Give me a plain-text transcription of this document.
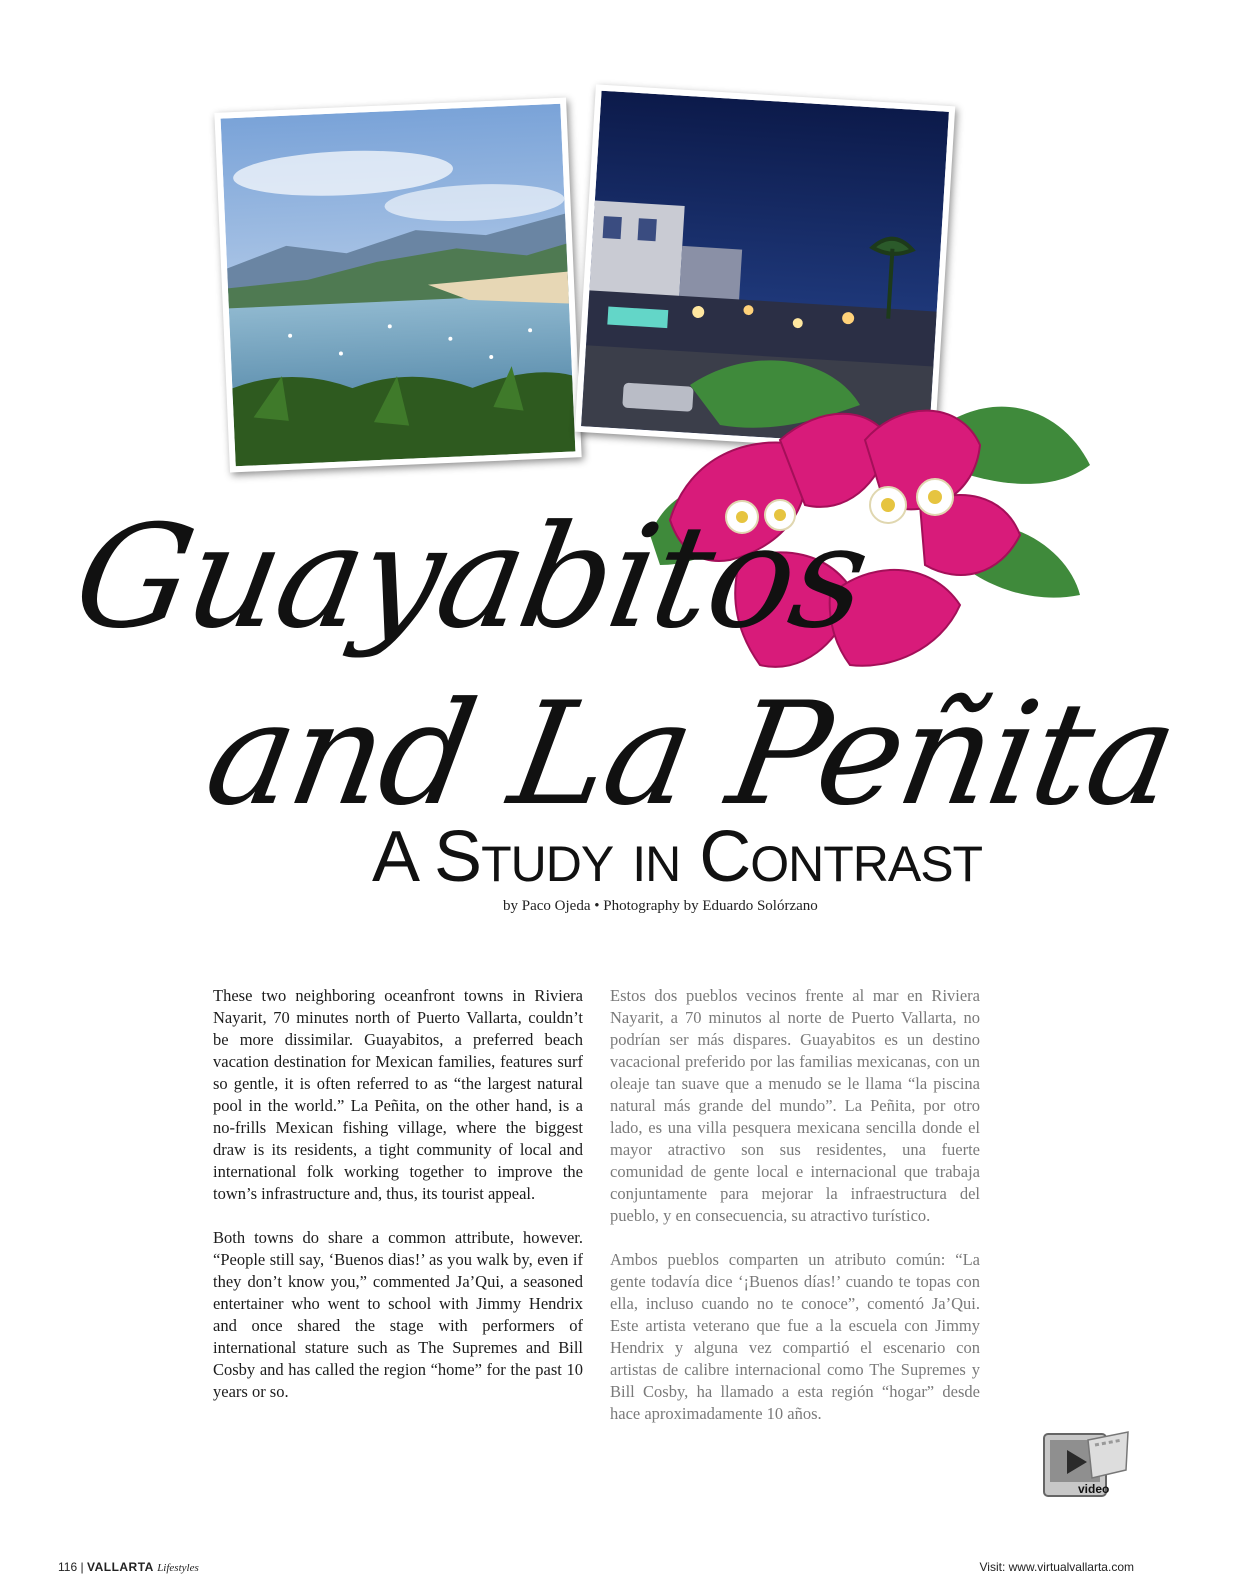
Guayabitos
and La Peñita
A Study in Contrast
by Paco Ojeda • Photography by Eduardo Solórzano

These two neighboring oceanfront towns in Riviera Nayarit, 70 minutes north of Puerto Vallarta, couldn’t be more dissimilar. Guayabitos, a preferred beach vacation destination for Mexican families, features surf so gentle, it is often referred to as “the largest natural pool in the world.” La Peñita, on the other hand, is a no-frills Mexican fishing village, where the biggest draw is its residents, a tight community of local and international folk working together to improve the town’s infrastructure and, thus, its tourist appeal.

Both towns do share a common attribute, however. “People still say, ‘Buenos dias!’ as you walk by, even if they don’t know you,” commented Ja’Qui, a seasoned entertainer who went to school with Jimmy Hendrix and once shared the stage with performers of international stature such as The Supremes and Bill Cosby and has called the region “home” for the past 10 years or so.

Estos dos pueblos vecinos frente al mar en Riviera Nayarit, a 70 minutos al norte de Puerto Vallarta, no podrían ser más dispares. Guayabitos es un destino vacacional preferido por las familias mexicanas, con un oleaje tan suave que a menudo se le llama “la piscina natural más grande del mundo”. La Peñita, por otro lado, es una villa pesquera mexicana sencilla donde el mayor atractivo son sus residentes, una fuerte comunidad de gente local e internacional que trabaja conjuntamente para mejorar la infraestructura del pueblo, y en consecuencia, su atractivo turístico.

Ambos pueblos comparten un atributo común: “La gente todavía dice ‘¡Buenos días!’ cuando te topas con ella, incluso cuando no te conoce”, comentó Ja’Qui. Este artista veterano que fue a la escuela con Jimmy Hendrix y alguna vez compartió el escenario con artistas de calibre internacional como The Supremes y Bill Cosby, ha llamado a esta región “hogar” desde hace aproximadamente 10 años.

video
116 | VALLARTA Lifestyles	Visit: www.virtualvallarta.com
